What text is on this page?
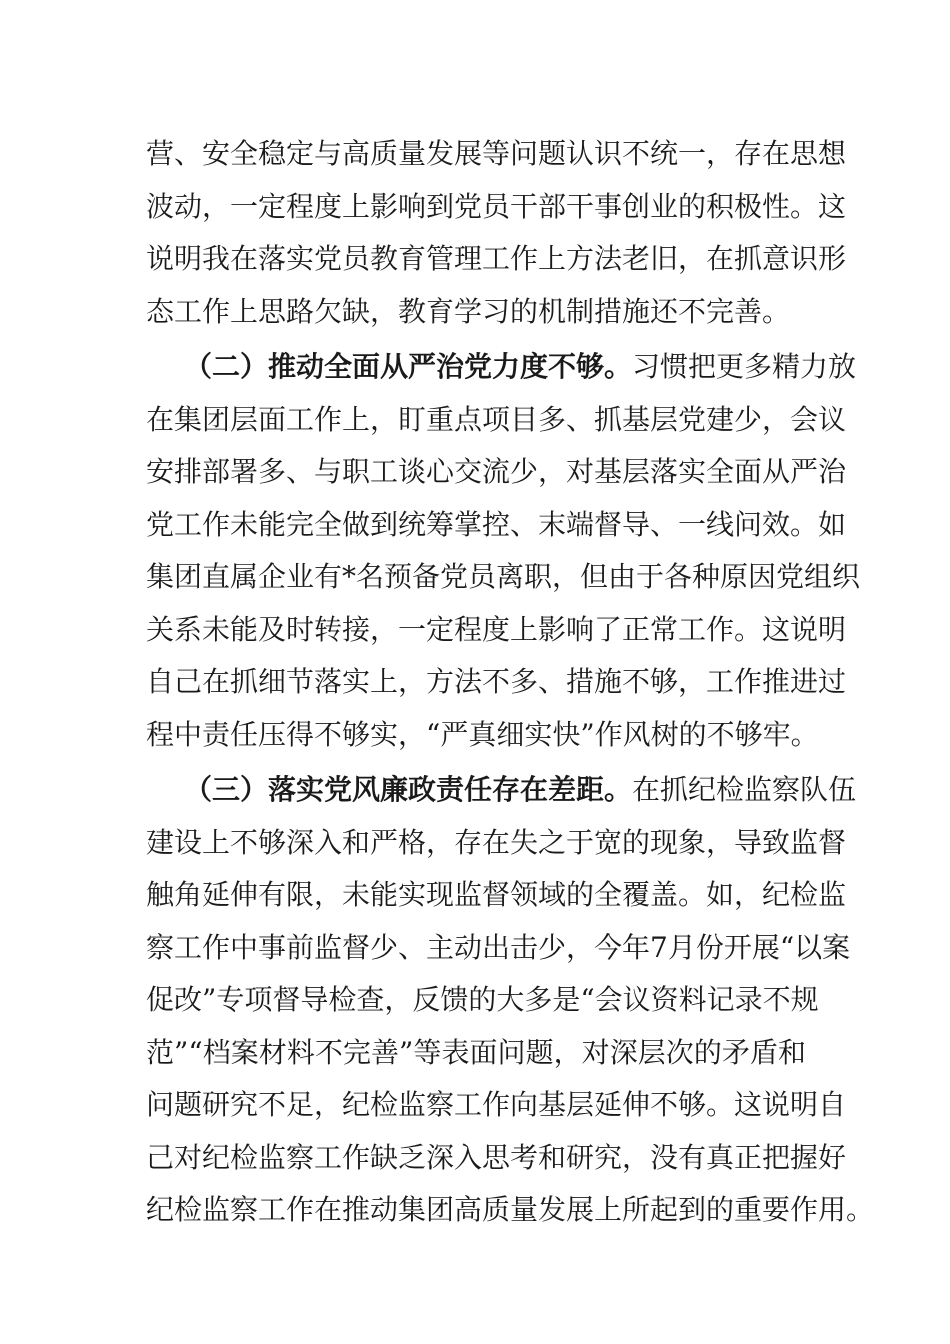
营、安全稳定与高质量发展等问题认识不统一，存在思想
波动，一定程度上影响到党员干部干事创业的积极性。这
说明我在落实党员教育管理工作上方法老旧，在抓意识形
态工作上思路欠缺，教育学习的机制措施还不完善。
（二）推动全面从严治党力度不够。习惯把更多精力放
在集团层面工作上，盯重点项目多、抓基层党建少，会议
安排部署多、与职工谈心交流少，对基层落实全面从严治
党工作未能完全做到统筹掌控、末端督导、一线问效。如
集团直属企业有*名预备党员离职，但由于各种原因党组织
关系未能及时转接，一定程度上影响了正常工作。这说明
自己在抓细节落实上，方法不多、措施不够，工作推进过
程中责任压得不够实，“严真细实快”作风树的不够牢。
（三）落实党风廉政责任存在差距。在抓纪检监察队伍
建设上不够深入和严格，存在失之于宽的现象，导致监督
触角延伸有限，未能实现监督领域的全覆盖。如，纪检监
察工作中事前监督少、主动出击少，今年7月份开展“以案
促改”专项督导检查，反馈的大多是“会议资料记录不规
范”“档案材料不完善”等表面问题，对深层次的矛盾和
问题研究不足，纪检监察工作向基层延伸不够。这说明自
己对纪检监察工作缺乏深入思考和研究，没有真正把握好
纪检监察工作在推动集团高质量发展上所起到的重要作用。
